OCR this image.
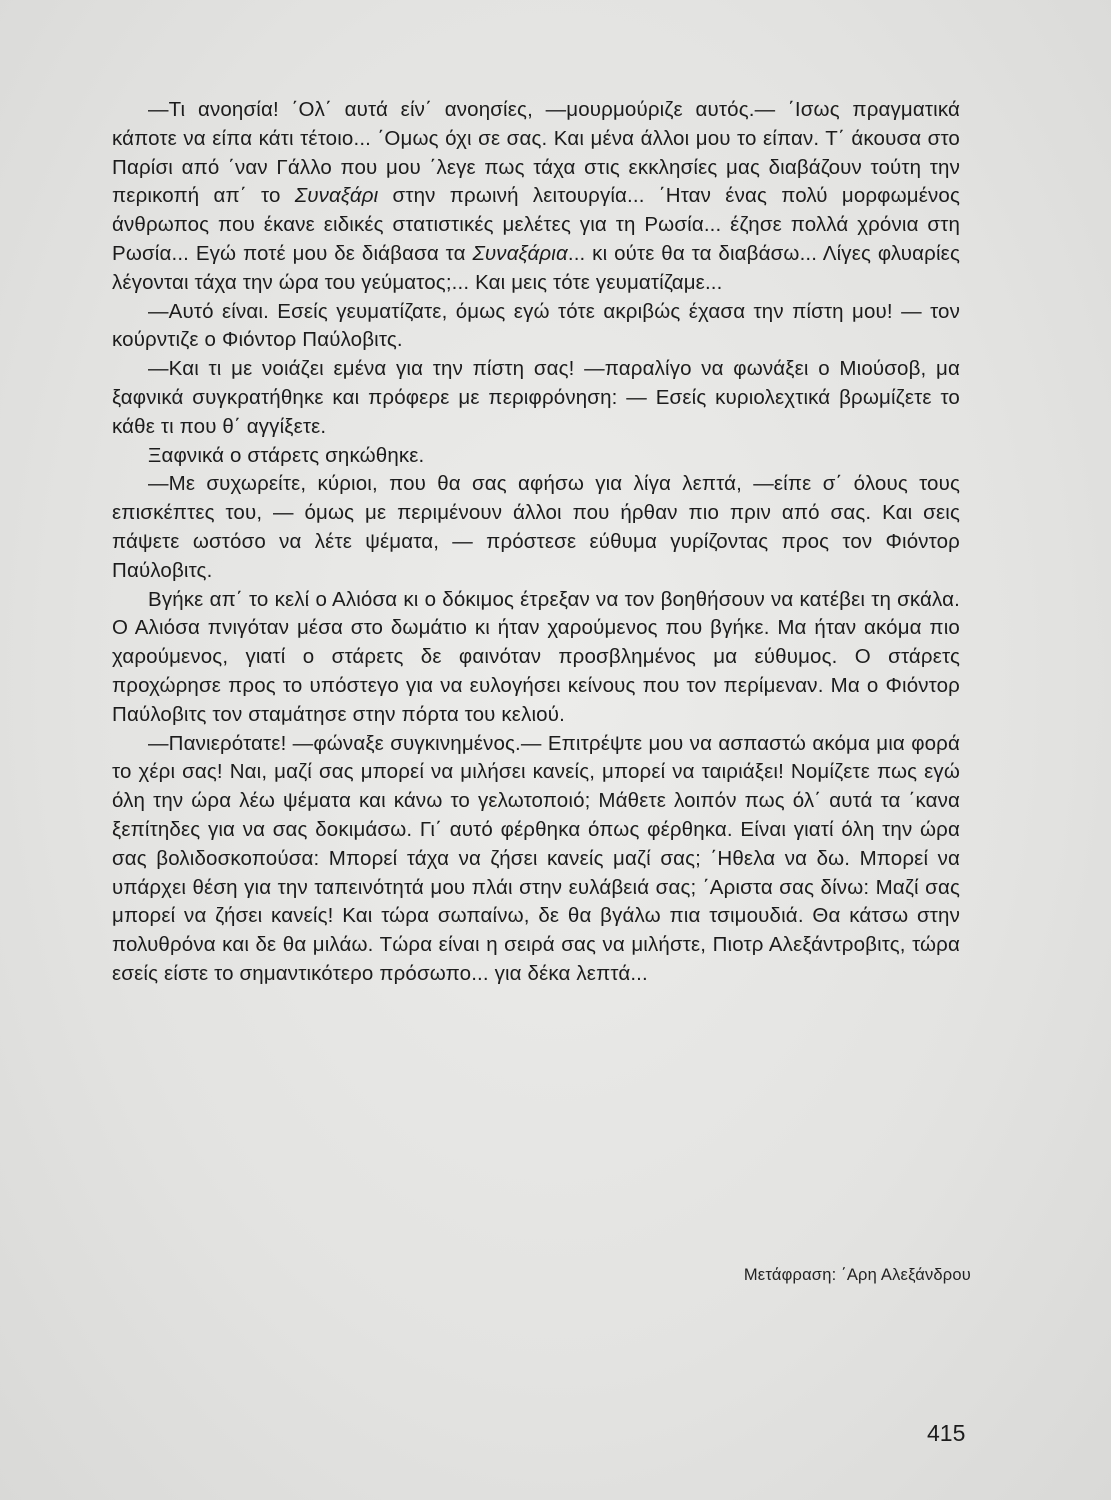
—Τι ανοησία! ΄Ολ΄ αυτά είν΄ ανοησίες, —μουρμούριζε αυτός.— ΄Ισως πραγματικά κάποτε να είπα κάτι τέτοιο... ΄Ομως όχι σε σας. Και μένα άλλοι μου το είπαν. Τ΄ άκουσα στο Παρίσι από ΄ναν Γάλλο που μου ΄λεγε πως τάχα στις εκκλησίες μας διαβάζουν τούτη την περικοπή απ΄ το Συναξάρι στην πρωινή λειτουργία... ΄Ηταν ένας πολύ μορφωμένος άνθρωπος που έκανε ειδικές στατιστικές μελέτες για τη Ρωσία... έζησε πολλά χρόνια στη Ρωσία... Εγώ ποτέ μου δε διάβασα τα Συναξάρια... κι ούτε θα τα διαβάσω... Λίγες φλυαρίες λέγονται τάχα την ώρα του γεύματος;... Και μεις τότε γευματίζαμε...

—Αυτό είναι. Εσείς γευματίζατε, όμως εγώ τότε ακριβώς έχασα την πίστη μου! — τον κούρντιζε ο Φιόντορ Παύλοβιτς.

—Και τι με νοιάζει εμένα για την πίστη σας! —παραλίγο να φωνάξει ο Μιούσοβ, μα ξαφνικά συγκρατήθηκε και πρόφερε με περιφρόνηση: — Εσείς κυριολεχτικά βρωμίζετε το κάθε τι που θ΄ αγγίξετε.

Ξαφνικά ο στάρετς σηκώθηκε.

—Με συχωρείτε, κύριοι, που θα σας αφήσω για λίγα λεπτά, —είπε σ΄ όλους τους επισκέπτες του, — όμως με περιμένουν άλλοι που ήρθαν πιο πριν από σας. Και σεις πάψετε ωστόσο να λέτε ψέματα, — πρόστεσε εύθυμα γυρίζοντας προς τον Φιόντορ Παύλοβιτς.

Βγήκε απ΄ το κελί ο Αλιόσα κι ο δόκιμος έτρεξαν να τον βοηθήσουν να κατέβει τη σκάλα. Ο Αλιόσα πνιγόταν μέσα στο δωμάτιο κι ήταν χαρούμενος που βγήκε. Μα ήταν ακόμα πιο χαρούμενος, γιατί ο στάρετς δε φαινόταν προσβλημένος μα εύθυμος. Ο στάρετς προχώρησε προς το υπόστεγο για να ευλογήσει κείνους που τον περίμεναν. Μα ο Φιόντορ Παύλοβιτς τον σταμάτησε στην πόρτα του κελιού.

—Πανιερότατε! —φώναξε συγκινημένος.— Επιτρέψτε μου να ασπαστώ ακόμα μια φορά το χέρι σας! Ναι, μαζί σας μπορεί να μιλήσει κανείς, μπορεί να ταιριάξει! Νομίζετε πως εγώ όλη την ώρα λέω ψέματα και κάνω το γελωτοποιό; Μάθετε λοιπόν πως όλ΄ αυτά τα ΄κανα ξεπίτηδες για να σας δοκιμάσω. Γι΄ αυτό φέρθηκα όπως φέρθηκα. Είναι γιατί όλη την ώρα σας βολιδοσκοπούσα: Μπορεί τάχα να ζήσει κανείς μαζί σας; ΄Ηθελα να δω. Μπορεί να υπάρχει θέση για την ταπεινότητά μου πλάι στην ευλάβειά σας; ΄Αριστα σας δίνω: Μαζί σας μπορεί να ζήσει κανείς! Και τώρα σωπαίνω, δε θα βγάλω πια τσιμουδιά. Θα κάτσω στην πολυθρόνα και δε θα μιλάω. Τώρα είναι η σειρά σας να μιλήστε, Πιοτρ Αλεξάντροβιτς, τώρα εσείς είστε το σημαντικότερο πρόσωπο... για δέκα λεπτά...

Μετάφραση: ΄Αρη Αλεξάνδρου
415
